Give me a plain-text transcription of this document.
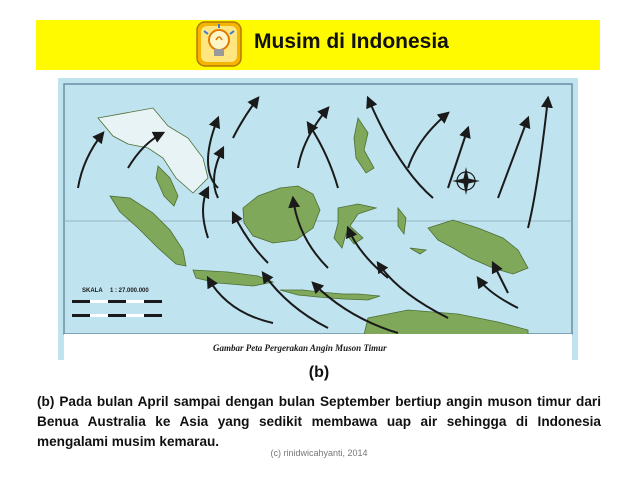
Musim di Indonesia
SKALA 1 : 27.000.000
Gambar Peta Pergerakan Angin Muson Timur
(b)
(b) Pada bulan April sampai dengan bulan September bertiup angin muson timur dari Benua Australia ke Asia yang sedikit membawa uap air sehingga di Indonesia mengalami musim kemarau.
(c) rinidwicahyanti, 2014
